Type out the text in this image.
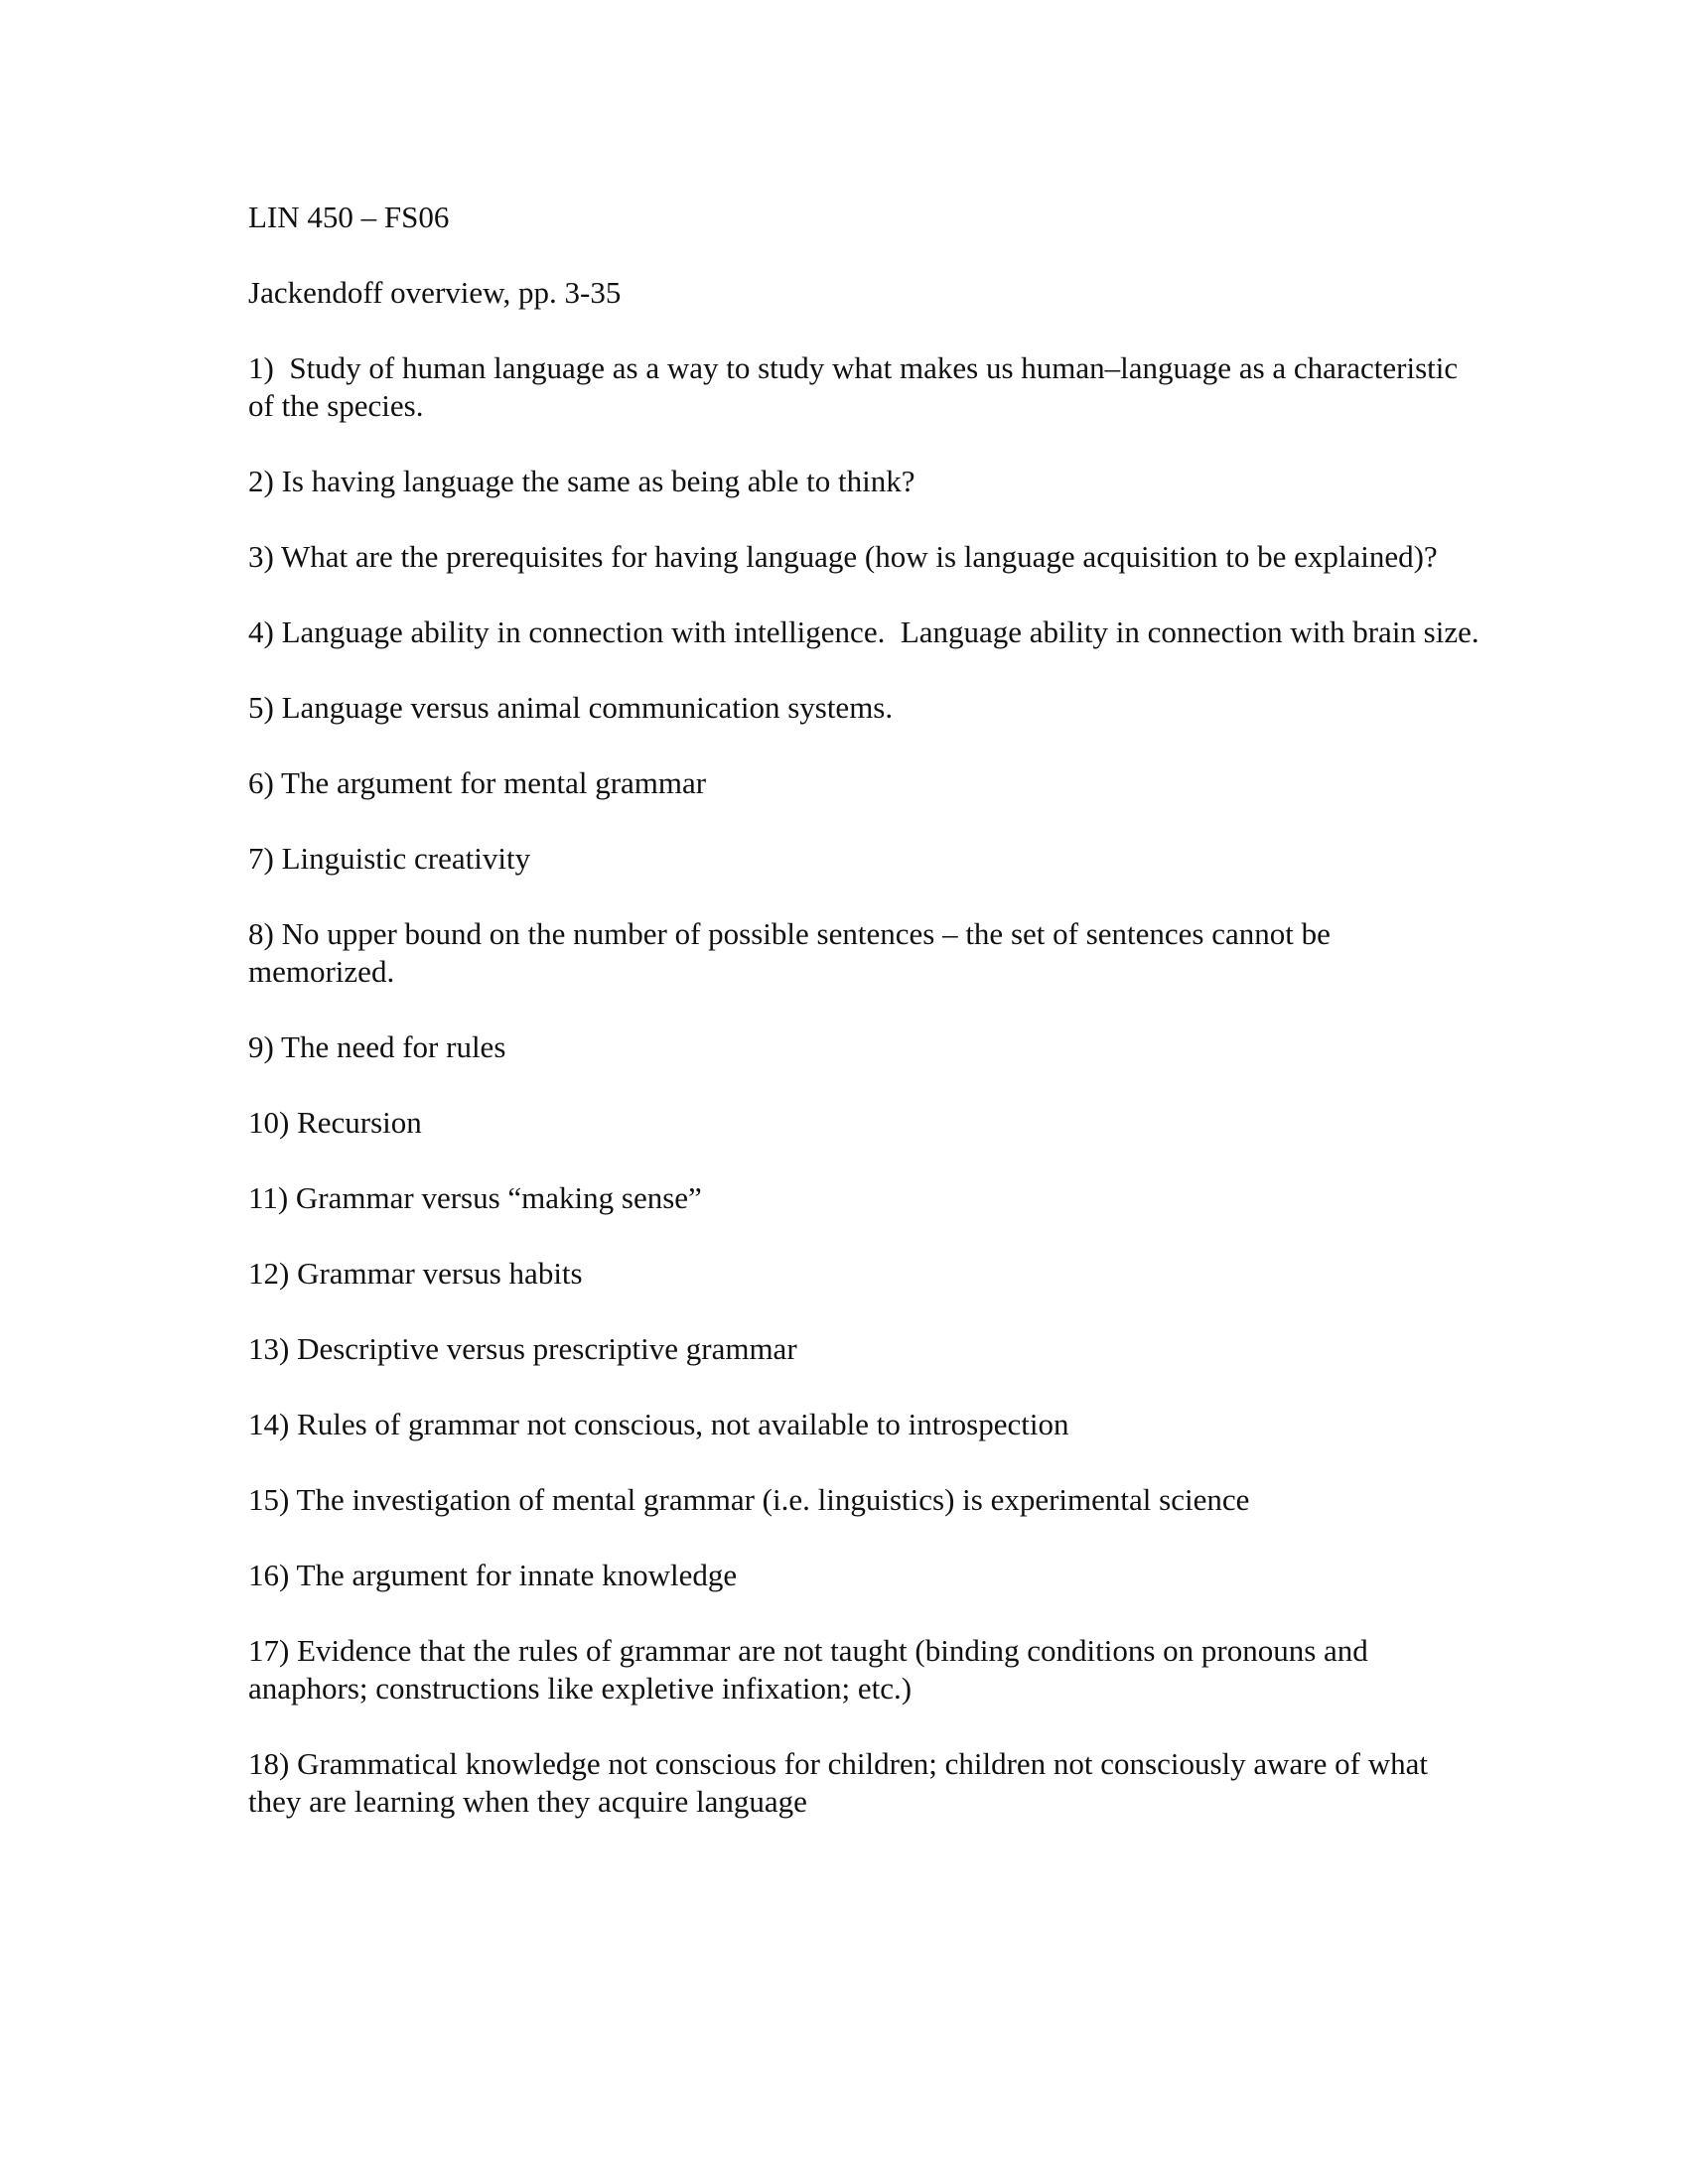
LIN 450 – FS06

Jackendoff overview, pp. 3-35

1)  Study of human language as a way to study what makes us human–language as a characteristic of the species.

2) Is having language the same as being able to think?

3) What are the prerequisites for having language (how is language acquisition to be explained)?

4) Language ability in connection with intelligence.  Language ability in connection with brain size.

5) Language versus animal communication systems.

6) The argument for mental grammar

7) Linguistic creativity

8) No upper bound on the number of possible sentences – the set of sentences cannot be memorized.

9) The need for rules

10) Recursion

11) Grammar versus “making sense”

12) Grammar versus habits

13) Descriptive versus prescriptive grammar

14) Rules of grammar not conscious, not available to introspection

15) The investigation of mental grammar (i.e. linguistics) is experimental science

16) The argument for innate knowledge

17) Evidence that the rules of grammar are not taught (binding conditions on pronouns and anaphors; constructions like expletive infixation; etc.)

18) Grammatical knowledge not conscious for children; children not consciously aware of what they are learning when they acquire language
